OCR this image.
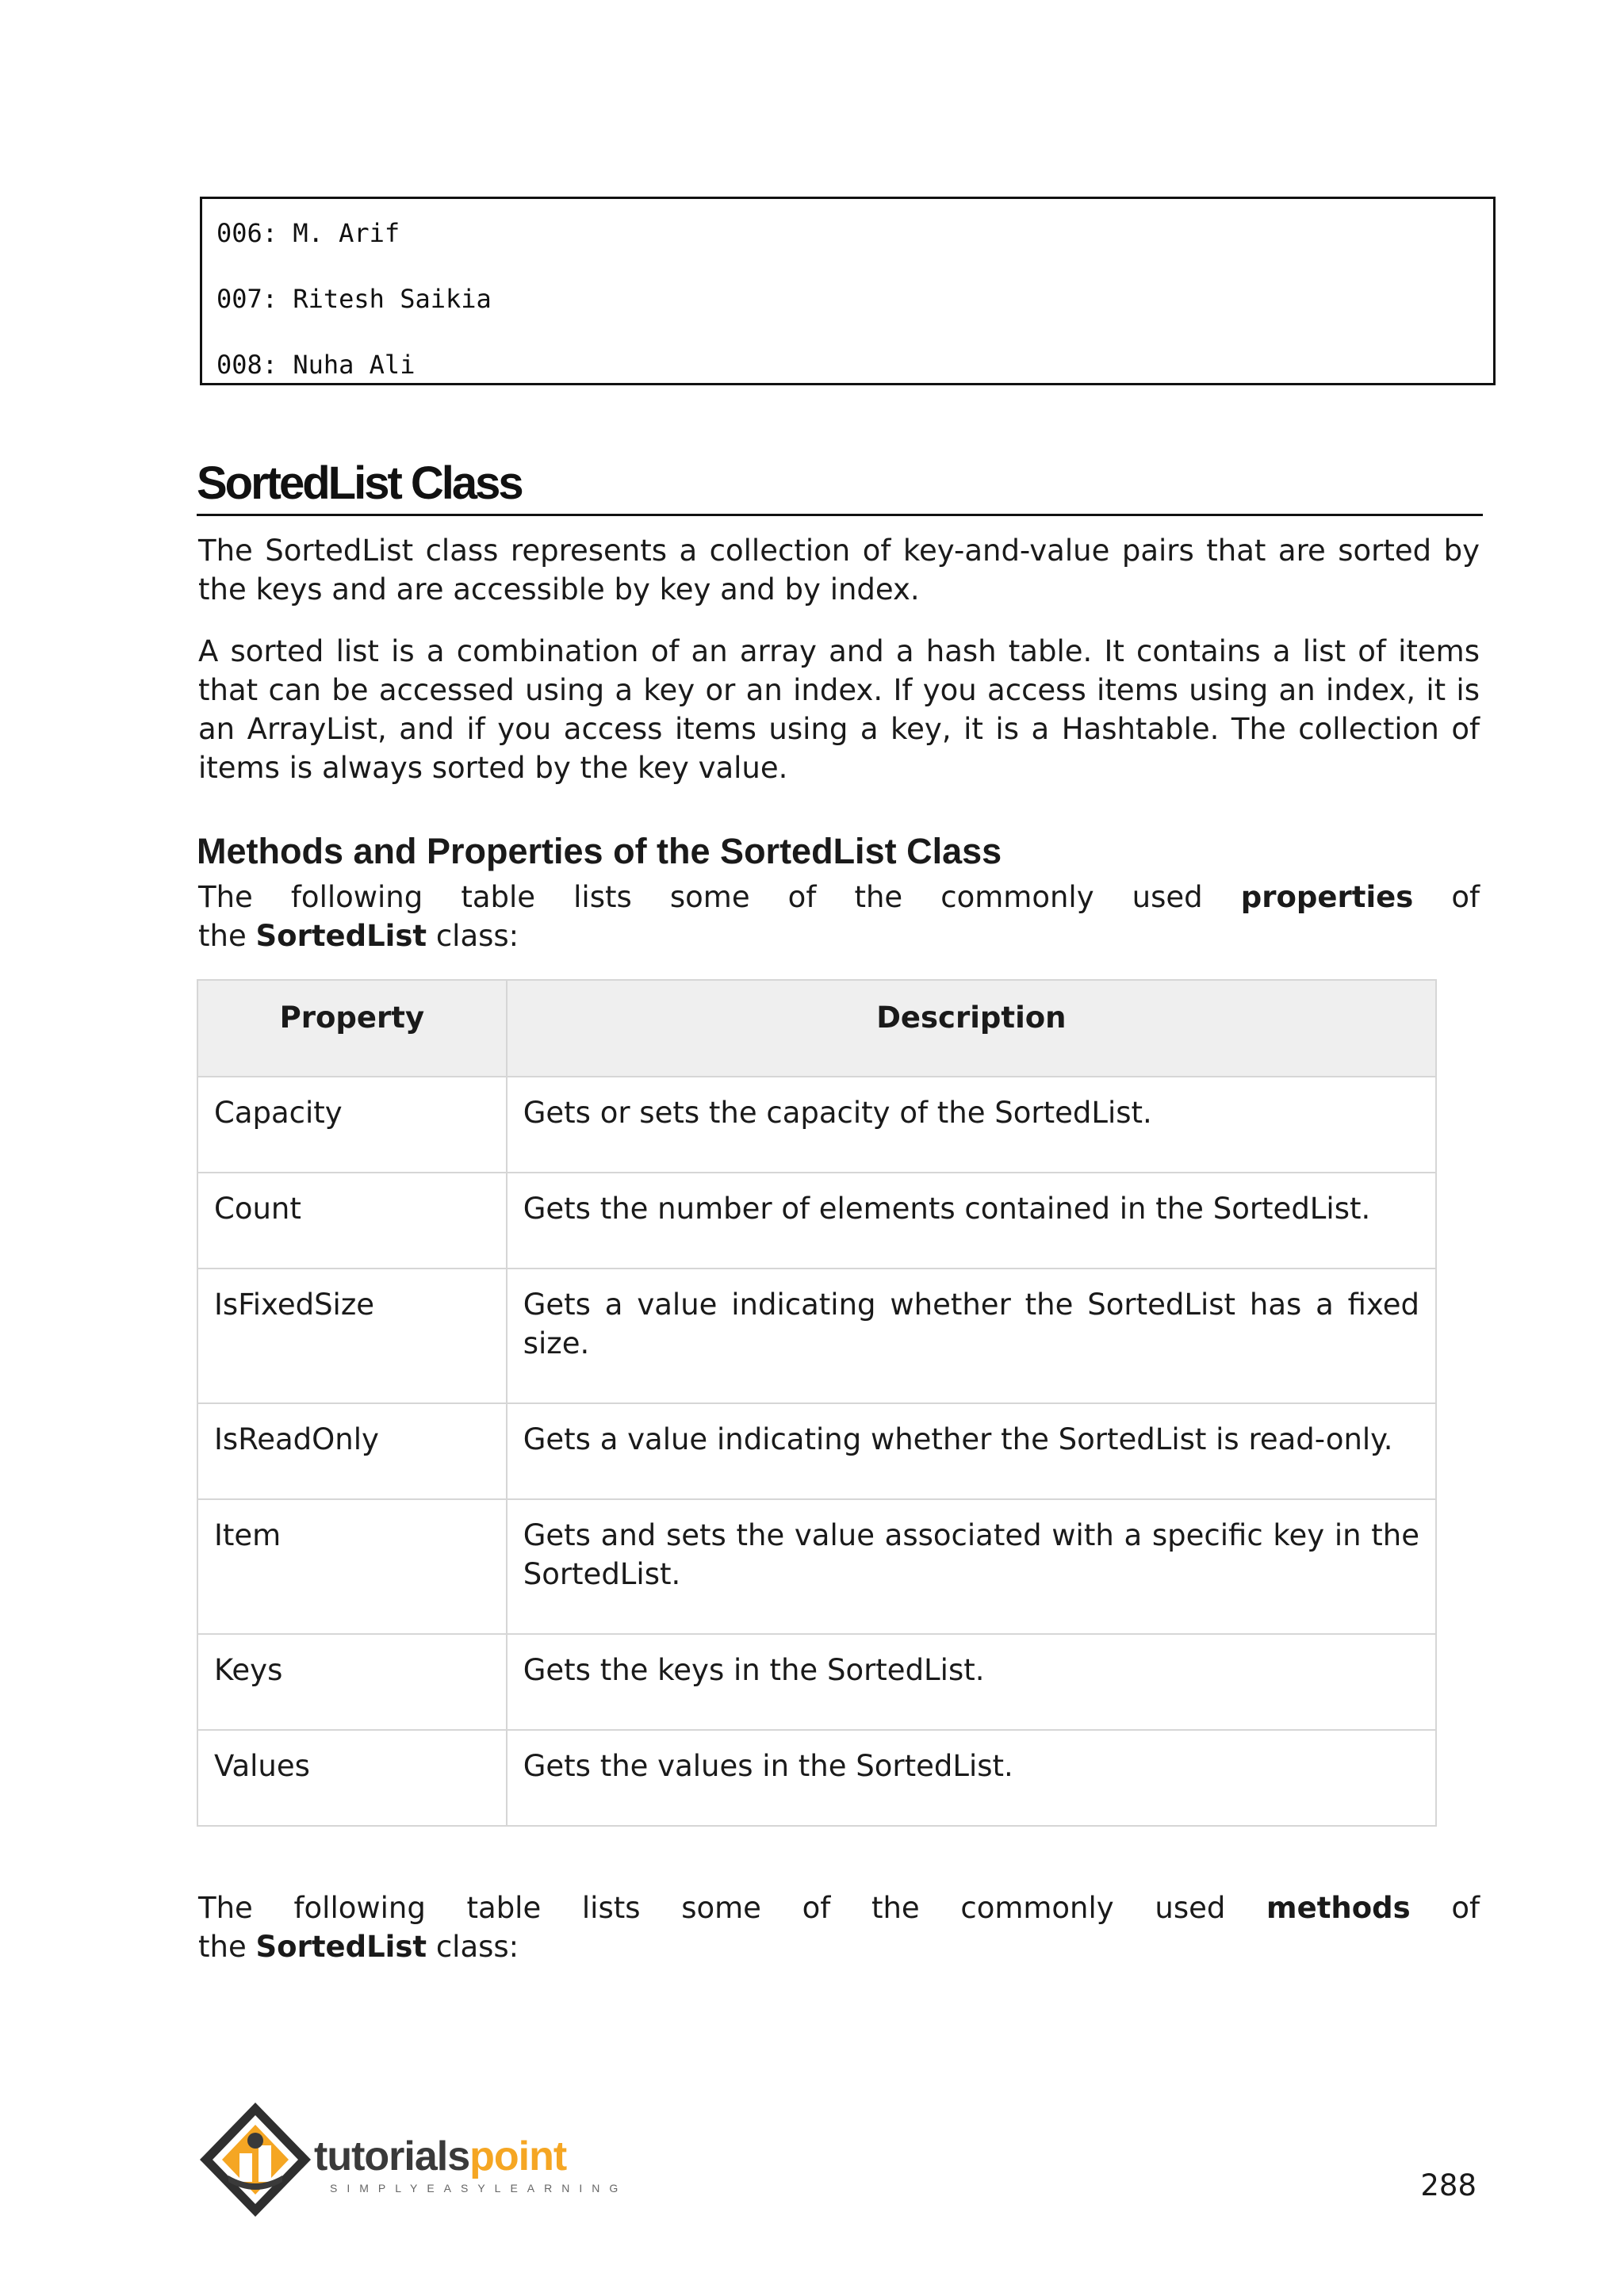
006: M. Arif
007: Ritesh Saikia
008: Nuha Ali
SortedList Class

The SortedList class represents a collection of key-and-value pairs that are sorted by the keys and are accessible by key and by index.

A sorted list is a combination of an array and a hash table. It contains a list of items that can be accessed using a key or an index. If you access items using an index, it is an ArrayList, and if you access items using a key, it is a Hashtable. The collection of items is always sorted by the key value.

Methods and Properties of the SortedList Class
The following table lists some of the commonly used properties of
the SortedList class:
Property	Description
Capacity	Gets or sets the capacity of the SortedList.
Count	Gets the number of elements contained in the SortedList.
IsFixedSize	Gets a value indicating whether the SortedList has a fixed size.
IsReadOnly	Gets a value indicating whether the SortedList is read-only.
Item	Gets and sets the value associated with a specific key in the SortedList.
Keys	Gets the keys in the SortedList.
Values	Gets the values in the SortedList.
The following table lists some of the commonly used methods of
the SortedList class:
tutorialspoint
SIMPLYEASYLEARNING	288
